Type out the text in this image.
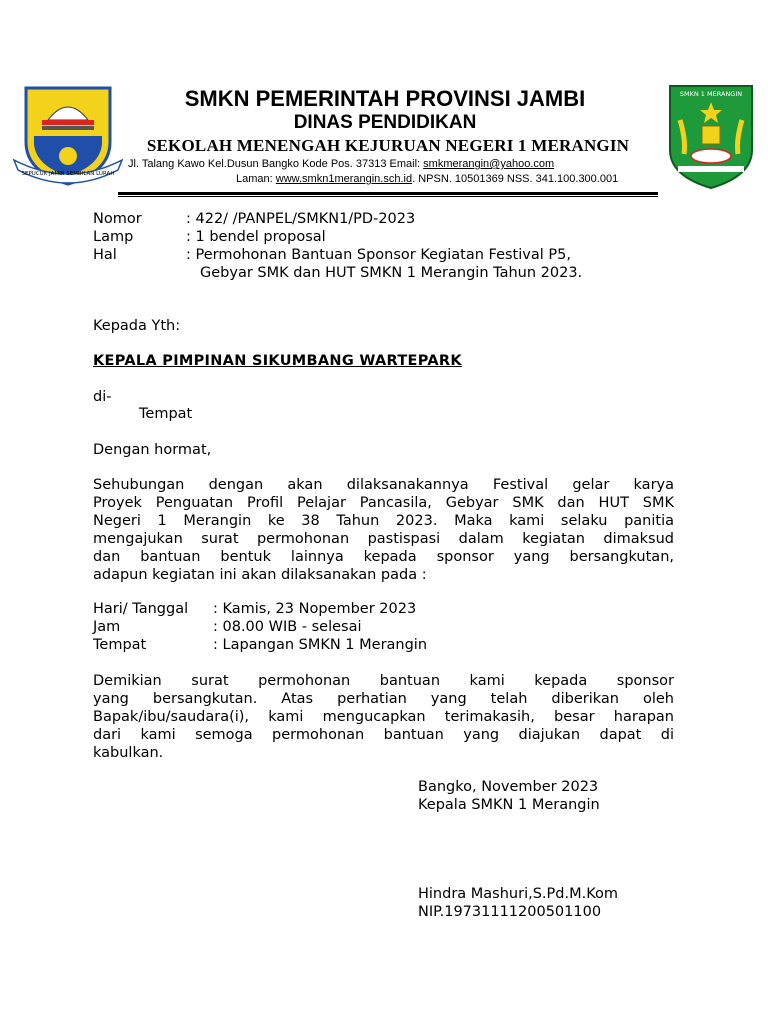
SEPUCUK JAMBI SEMBILAN LURAH
SMKN 1 MERANGIN
SMKN PEMERINTAH PROVINSI JAMBI
DINAS PENDIDIKAN
SEKOLAH MENENGAH KEJURUAN NEGERI 1 MERANGIN
Jl. Talang Kawo Kel.Dusun Bangko Kode Pos. 37313 Email: smkmerangin@yahoo.com
Laman: www.smkn1merangin.sch.id. NPSN. 10501369 NSS. 341.100.300.001
Nomor	: 422/ /PANPEL/SMKN1/PD-2023
Lamp	: 1 bendel proposal
Hal	: Permohonan Bantuan Sponsor Kegiatan Festival P5,
Gebyar SMK dan HUT SMKN 1 Merangin Tahun 2023.
Kepada Yth:
KEPALA PIMPINAN SIKUMBANG WARTEPARK
di-
Tempat
Dengan hormat,
Sehubungan dengan akan dilaksanakannya Festival gelar karya
Proyek Penguatan Profil Pelajar Pancasila, Gebyar SMK dan HUT SMK
Negeri 1 Merangin ke 38 Tahun 2023. Maka kami selaku panitia
mengajukan surat permohonan pastispasi dalam kegiatan dimaksud
dan bantuan bentuk lainnya kepada sponsor yang bersangkutan,
adapun kegiatan ini akan dilaksanakan pada :
Hari/ Tanggal : Kamis, 23 Nopember 2023
Jam	: 08.00 WIB - selesai
Tempat	: Lapangan SMKN 1 Merangin
Demikian surat permohonan bantuan kami kepada sponsor
yang bersangkutan. Atas perhatian yang telah diberikan oleh
Bapak/ibu/saudara(i), kami mengucapkan terimakasih, besar harapan
dari kami semoga permohonan bantuan yang diajukan dapat di
kabulkan.
Bangko, November 2023
Kepala SMKN 1 Merangin
Hindra Mashuri,S.Pd.M.Kom
NIP.19731111200501100
